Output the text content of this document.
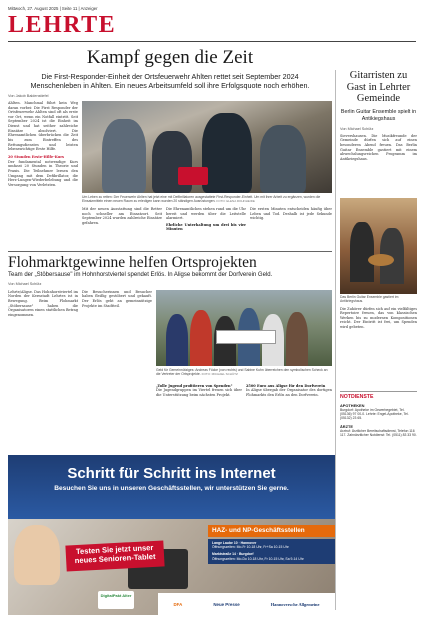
Mittwoch, 27. August 2025 | Seite 11 | Anzeiger
LEHRTE
Kampf gegen die Zeit
Die First-Responder-Einheit der Ortsfeuerwehr Ahlten rettet seit September 2024 Menschenleben in Ahlten. Ein neues Arbeitsumfeld soll ihre Erfolgsquote noch erhöhen.
Von Jakob Baldenstiefel
Ahlten. Manchmal führt kein Weg daran vorbei: Die First Responder der Ortsfeuerwehr Ahlten sind oft als erste vor Ort, wenn ein Notfall eintritt. Seit September 2024 ist die Einheit im Dienst und hat seither zahlreiche Einsätze absolviert. Die Ehrenamtlichen überbrücken die Zeit bis zum Eintreffen des Rettungsdienstes und leisten lebenswichtige Erste Hilfe.
20 Stunden Erste-Hilfe-Kurs
Der fundamental notwendige Kurs umfasst 20 Stunden in Theorie und Praxis. Die Teilnehmer lernen den Umgang mit dem Defibrillator, die Herz-Lungen-Wiederbelebung und die Versorgung von Verletzten.
Um Leben zu retten: Der Feuerwehr Ahlten hat jetzt eine mit Defibrillatoren ausgestattete First-Responder-Einheit. Um mit ihrer Arbeit zu ergänzen, wurden die Einsatzmitteln einen neuen Raum zu erledigen kann wurden 20 ständigen Ausrüstungen. FOTO: ELENA ROHNHEIDE
Mit der neuen Ausstattung sind die Retter noch schneller am Einsatzort. Seit September 2024 wurden zahlreiche Einsätze gefahren.
Die Ehrenamtlichen stehen rund um die Uhr bereit und werden über die Leitstelle alarmiert.
Ehrliche Unterhaltung um drei bis vier Minuten
Die ersten Minuten entscheiden häufig über Leben und Tod. Deshalb ist jede Sekunde wichtig.
Flohmarktgewinne helfen Ortsprojekten
Team der „Stöbersause" im Hohnhorstviertel spendet Erlös. In Aligse bekommt der Dorfverein Geld.
Von Michael Schütz
Lehrte/Aligse. Das Hohnhorstviertel im Norden der Kernstadt Lehrtes ist in Bewegung. Beim Flohmarkt „Stöbersause" haben die Organisatoren einen stattlichen Betrag eingenommen.
Die Besucherinnen und Besucher haben fleißig gestöbert und gekauft. Der Erlös geht an gemeinnützige Projekte im Stadtteil.
Geld für Gemeinnütziges: Andreas Föcke (von rechts) und Sabine Kuhn überreichen den symbolischen Scheck an die Vertreter der Ortsprojekte. FOTO: MICHAEL SCHÜTZ
„Tolle Jugend profitieren von Spenden"
Die Jugendgruppen im Viertel freuen sich über die Unterstützung beim nächsten Projekt.
2500 Euro aus Aligse für den Dorfverein
In Aligse übergab der Organisator des dortigen Flohmarkts den Erlös an den Dorfverein.
Schritt für Schritt ins Internet
Besuchen Sie uns in unseren Geschäftsstellen, wir unterstützen Sie gerne.
Testen Sie jetzt unser neues Senioren-Tablet
HAZ- und NP-Geschäftsstellen
Lange Laube 10 · Hannover
Öffnungszeiten: Mo-Fr 10-18 Uhr, Fr+Sa 10-15 Uhr
Marktstraße 14 · Burgdorf
Öffnungszeiten: Mo-Do 10-18 Uhr, Fr 10-15 Uhr, Sa 9-14 Uhr
DigitalPakt Alter
DFA	Neue Presse	Hannoversche Allgemeine
Gitarristen zu Gast in Lehrter Gemeinde
Berlin Guitar Ensemble spielt in Antikiegshaus
Von Michael Schütz
Sievershausen. Die Musikfreunde der Gemeinde dürfen sich auf einen besonderen Abend freuen. Das Berlin Guitar Ensemble gastiert mit einem abwechslungsreichen Programm im Antikriegshaus.
Das Berlin Guitar Ensemble gastiert im Antikriegshaus.
Die Zuhörer dürfen sich auf ein vielfältiges Repertoire freuen, das von klassischen Werken bis zu modernen Kompositionen reicht. Der Eintritt ist frei, um Spenden wird gebeten.
NOTDIENSTE
APOTHEKEN
Burgdorf: Apotheke im Gewerbegebiet, Tel. (05136) 97 00-0. Lehrte: Engel-Apotheke, Tel. (05132) 23 65.
ÄRZTE
Arztruf: Ärztlicher Bereitschaftsdienst, Telefon 116 117. Zahnärztlicher Notdienst: Tel. (0511) 83 33 90.
